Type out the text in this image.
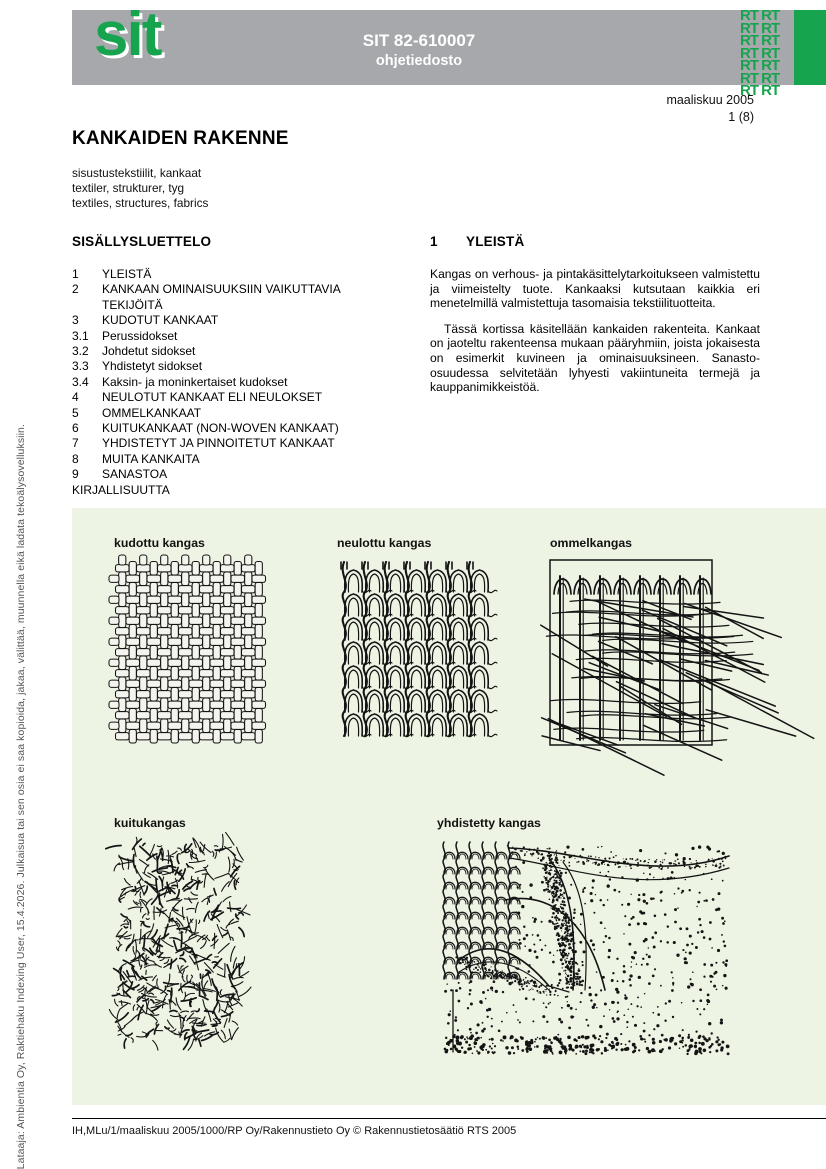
Lataaja: Ambientia Oy, Raktiehaku Indexing User, 15.4.2026. Julkaisua tai sen osia ei saa kopioida, jakaa, välittää, muunnella eikä ladata tekoälysovelluksiin.
sit	SIT 82-610007
ohjetiedosto
RT RT
RT RT
RT RT
RT RT
RT RT
RT RT
RT RT
maaliskuu 2005
1 (8)
KANKAIDEN RAKENNE
sisustustekstiilit, kankaat
textiler, strukturer, tyg
textiles, structures, fabrics
SISÄLLYSLUETTELO
1	YLEISTÄ
2	KANKAAN OMINAISUUKSIIN VAIKUTTAVIA
TEKIJÖITÄ
3	KUDOTUT KANKAAT
3.1	Perussidokset
3.2	Johdetut sidokset
3.3	Yhdistetyt sidokset
3.4	Kaksin- ja moninkertaiset kudokset
4	NEULOTUT KANKAAT ELI NEULOKSET
5	OMMELKANKAAT
6	KUITUKANKAAT (NON-WOVEN KANKAAT)
7	YHDISTETYT JA PINNOITETUT KANKAAT
8	MUITA KANKAITA
9	SANASTOA
KIRJALLISUUTTA
1 YLEISTÄ

Kangas on verhous- ja pintakäsittelytarkoitukseen valmistettu ja viimeistelty tuote. Kankaaksi kutsutaan kaikkia eri menetelmillä valmistettuja tasomaisia tekstiilituotteita.

Tässä kortissa käsitellään kankaiden rakenteita. Kankaat on jaoteltu rakenteensa mukaan pääryhmiin, joista jokaisesta on esimerkit kuvineen ja ominaisuuksineen. Sanasto-osuudessa selvitetään lyhyesti vakiintuneita termejä ja kauppanimikkeistöä.

kudottu kangas	neulottu kangas	ommelkangas
kuitukangas	yhdistetty kangas
IH,MLu/1/maaliskuu 2005/1000/RP Oy/Rakennustieto Oy © Rakennustietosäätiö RTS 2005
